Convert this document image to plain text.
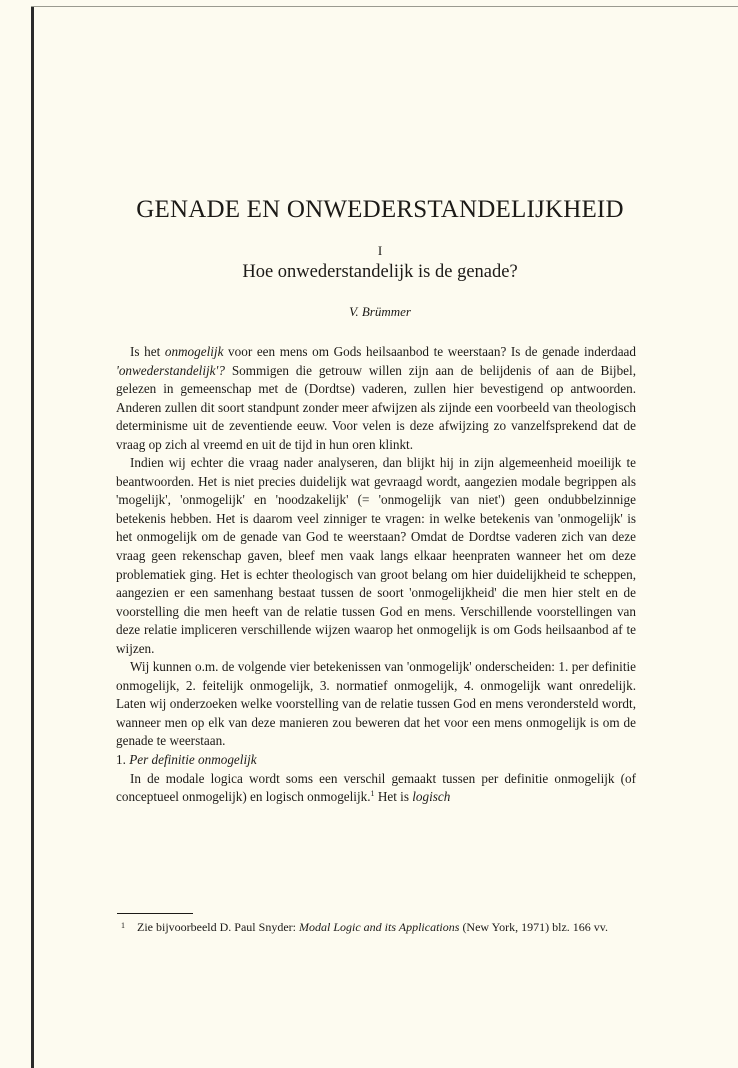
GENADE EN ONWEDERSTANDELIJKHEID
I
Hoe onwederstandelijk is de genade?
V. Brümmer

Is het onmogelijk voor een mens om Gods heilsaanbod te weerstaan? Is de genade inderdaad 'onwederstandelijk'? Sommigen die getrouw willen zijn aan de belijdenis of aan de Bijbel, gelezen in gemeenschap met de (Dordtse) vaderen, zullen hier bevestigend op antwoorden. Anderen zullen dit soort standpunt zonder meer afwijzen als zijnde een voorbeeld van theologisch determinisme uit de zeventiende eeuw. Voor velen is deze afwijzing zo vanzelfsprekend dat de vraag op zich al vreemd en uit de tijd in hun oren klinkt.

Indien wij echter die vraag nader analyseren, dan blijkt hij in zijn algemeenheid moeilijk te beantwoorden. Het is niet precies duidelijk wat gevraagd wordt, aangezien modale begrippen als 'mogelijk', 'onmogelijk' en 'noodzakelijk' (= 'onmogelijk van niet') geen ondubbelzinnige betekenis hebben. Het is daarom veel zinniger te vragen: in welke betekenis van 'onmogelijk' is het onmogelijk om de genade van God te weerstaan? Omdat de Dordtse vaderen zich van deze vraag geen rekenschap gaven, bleef men vaak langs elkaar heenpraten wanneer het om deze problematiek ging. Het is echter theologisch van groot belang om hier duidelijkheid te scheppen, aangezien er een samenhang bestaat tussen de soort 'onmogelijkheid' die men hier stelt en de voorstelling die men heeft van de relatie tussen God en mens. Verschillende voorstellingen van deze relatie impliceren verschillende wijzen waarop het onmogelijk is om Gods heilsaanbod af te wijzen.

Wij kunnen o.m. de volgende vier betekenissen van 'onmogelijk' onderscheiden: 1. per definitie onmogelijk, 2. feitelijk onmogelijk, 3. normatief onmogelijk, 4. onmogelijk want onredelijk. Laten wij onderzoeken welke voorstelling van de relatie tussen God en mens verondersteld wordt, wanneer men op elk van deze manieren zou beweren dat het voor een mens onmogelijk is om de genade te weerstaan.

1. Per definitie onmogelijk

In de modale logica wordt soms een verschil gemaakt tussen per definitie onmogelijk (of conceptueel onmogelijk) en logisch onmogelijk.$^1$ Het is logisch

1 Zie bijvoorbeeld D. Paul Snyder: Modal Logic and its Applications (New York, 1971) blz. 166 vv.
